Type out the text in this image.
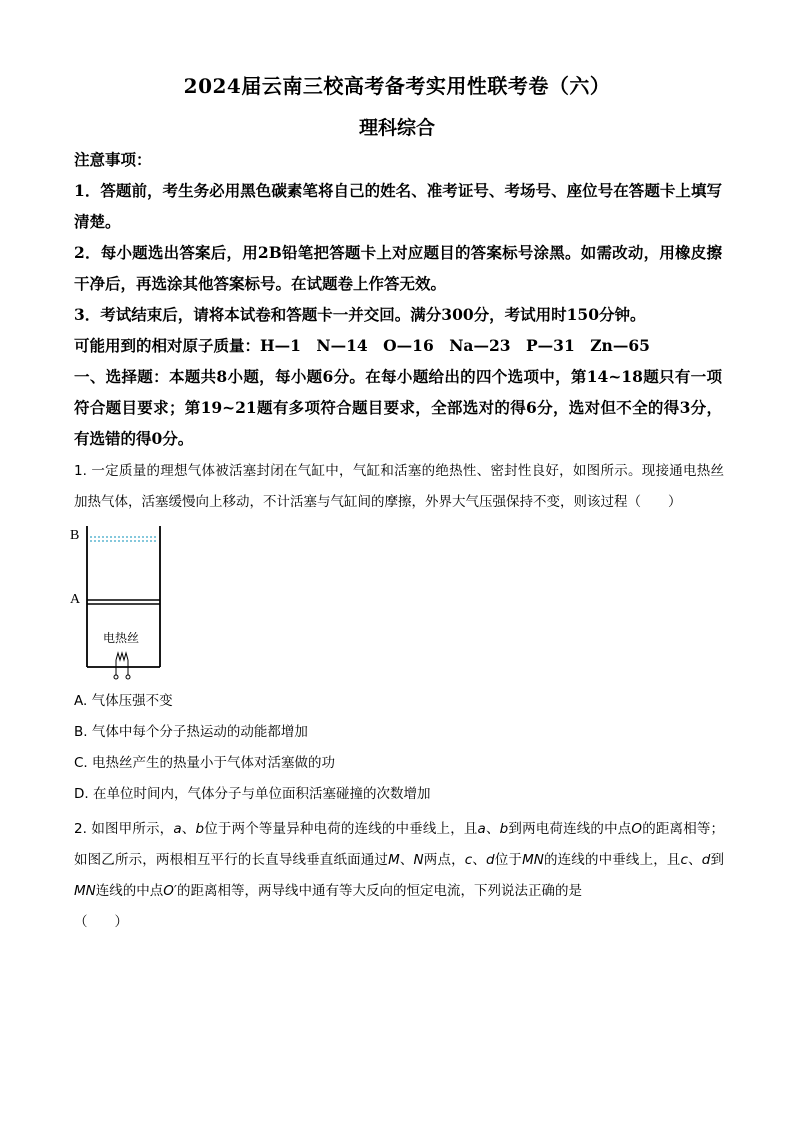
2024届云南三校高考备考实用性联考卷（六）
理科综合
注意事项：
1．答题前，考生务必用黑色碳素笔将自己的姓名、准考证号、考场号、座位号在答题卡上填写清楚。
2．每小题选出答案后，用2B铅笔把答题卡上对应题目的答案标号涂黑。如需改动，用橡皮擦干净后，再选涂其他答案标号。在试题卷上作答无效。
3．考试结束后，请将本试卷和答题卡一并交回。满分300分，考试用时150分钟。
可能用到的相对原子质量：H—1　N—14　O—16　Na—23　P—31　Zn—65
一、选择题：本题共8小题，每小题6分。在每小题给出的四个选项中，第14~18题只有一项符合题目要求；第19~21题有多项符合题目要求，全部选对的得6分，选对但不全的得3分，有选错的得0分。
1. 一定质量的理想气体被活塞封闭在气缸中，气缸和活塞的绝热性、密封性良好，如图所示。现接通电热丝加热气体，活塞缓慢向上移动，不计活塞与气缸间的摩擦，外界大气压强保持不变，则该过程（　　）
B
A
电热丝
A. 气体压强不变
B. 气体中每个分子热运动的动能都增加
C. 电热丝产生的热量小于气体对活塞做的功
D. 在单位时间内，气体分子与单位面积活塞碰撞的次数增加
2. 如图甲所示，a、b位于两个等量异种电荷的连线的中垂线上，且a、b到两电荷连线的中点O的距离相等；如图乙所示，两根相互平行的长直导线垂直纸面通过M、N两点，c、d位于MN的连线的中垂线上，且c、d到MN连线的中点O′的距离相等，两导线中通有等大反向的恒定电流，下列说法正确的是
（　　）
